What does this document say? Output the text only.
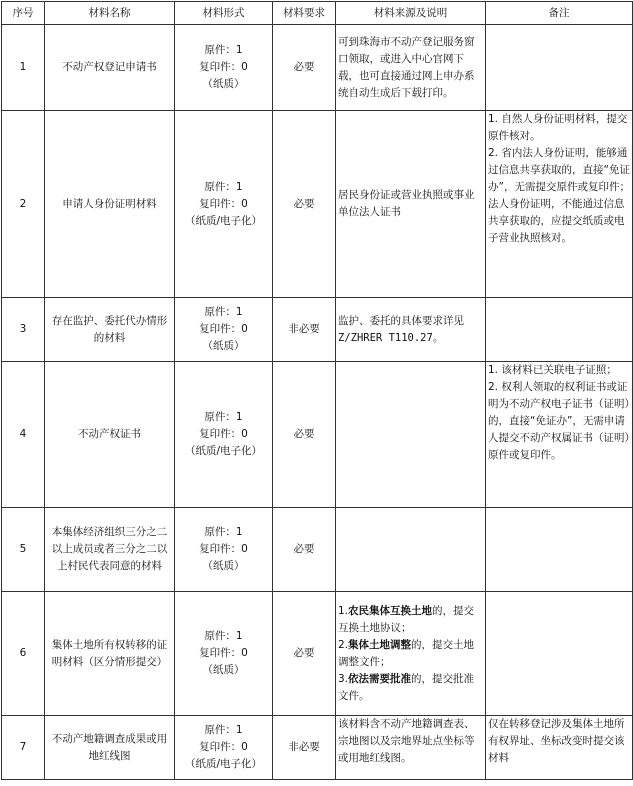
序号	材料名称	材料形式	材料要求	材料来源及说明	备注
1	不动产权登记申请书	原件：1
复印件：0
（纸质）	必要	可到珠海市不动产登记服务窗口领取，或进入中心官网下载，也可直接通过网上申办系统自动生成后下载打印。	
2	申请人身份证明材料	原件：1
复印件：0
（纸质/电子化）	必要	居民身份证或营业执照或事业单位法人证书	1. 自然人身份证明材料，提交原件核对。
2. 省内法人身份证明，能够通过信息共享获取的，直接“免证办”，无需提交原件或复印件；法人身份证明，不能通过信息共享获取的，应提交纸质或电子营业执照核对。
3	存在监护、委托代办情形的材料	原件：1
复印件：0
（纸质）	非必要	监护、委托的具体要求详见
Z/ZHRER T110.27。	

4	不动产权证书	原件：1
复印件：0
（纸质/电子化）	必要		1. 该材料已关联电子证照；
2. 权利人领取的权利证书或证明为不动产权电子证书（证明）的，直接“免证办”，无需申请人提交不动产权属证书（证明）原件或复印件。
5	本集体经济组织三分之二以上成员或者三分之二以上村民代表同意的材料	原件：1
复印件：0
（纸质）	必要		
6	集体土地所有权转移的证明材料（区分情形提交）	原件：1
复印件：0
（纸质）	必要	1.农民集体互换土地的，提交互换土地协议；
2.集体土地调整的，提交土地调整文件；
3.依法需要批准的，提交批准文件。	

7	不动产地籍调查成果或用地红线图	原件：1
复印件：0
（纸质/电子化）	非必要	该材料含不动产地籍调查表、宗地图以及宗地界址点坐标等或用地红线图。	仅在转移登记涉及集体土地所有权界址、坐标改变时提交该材料
